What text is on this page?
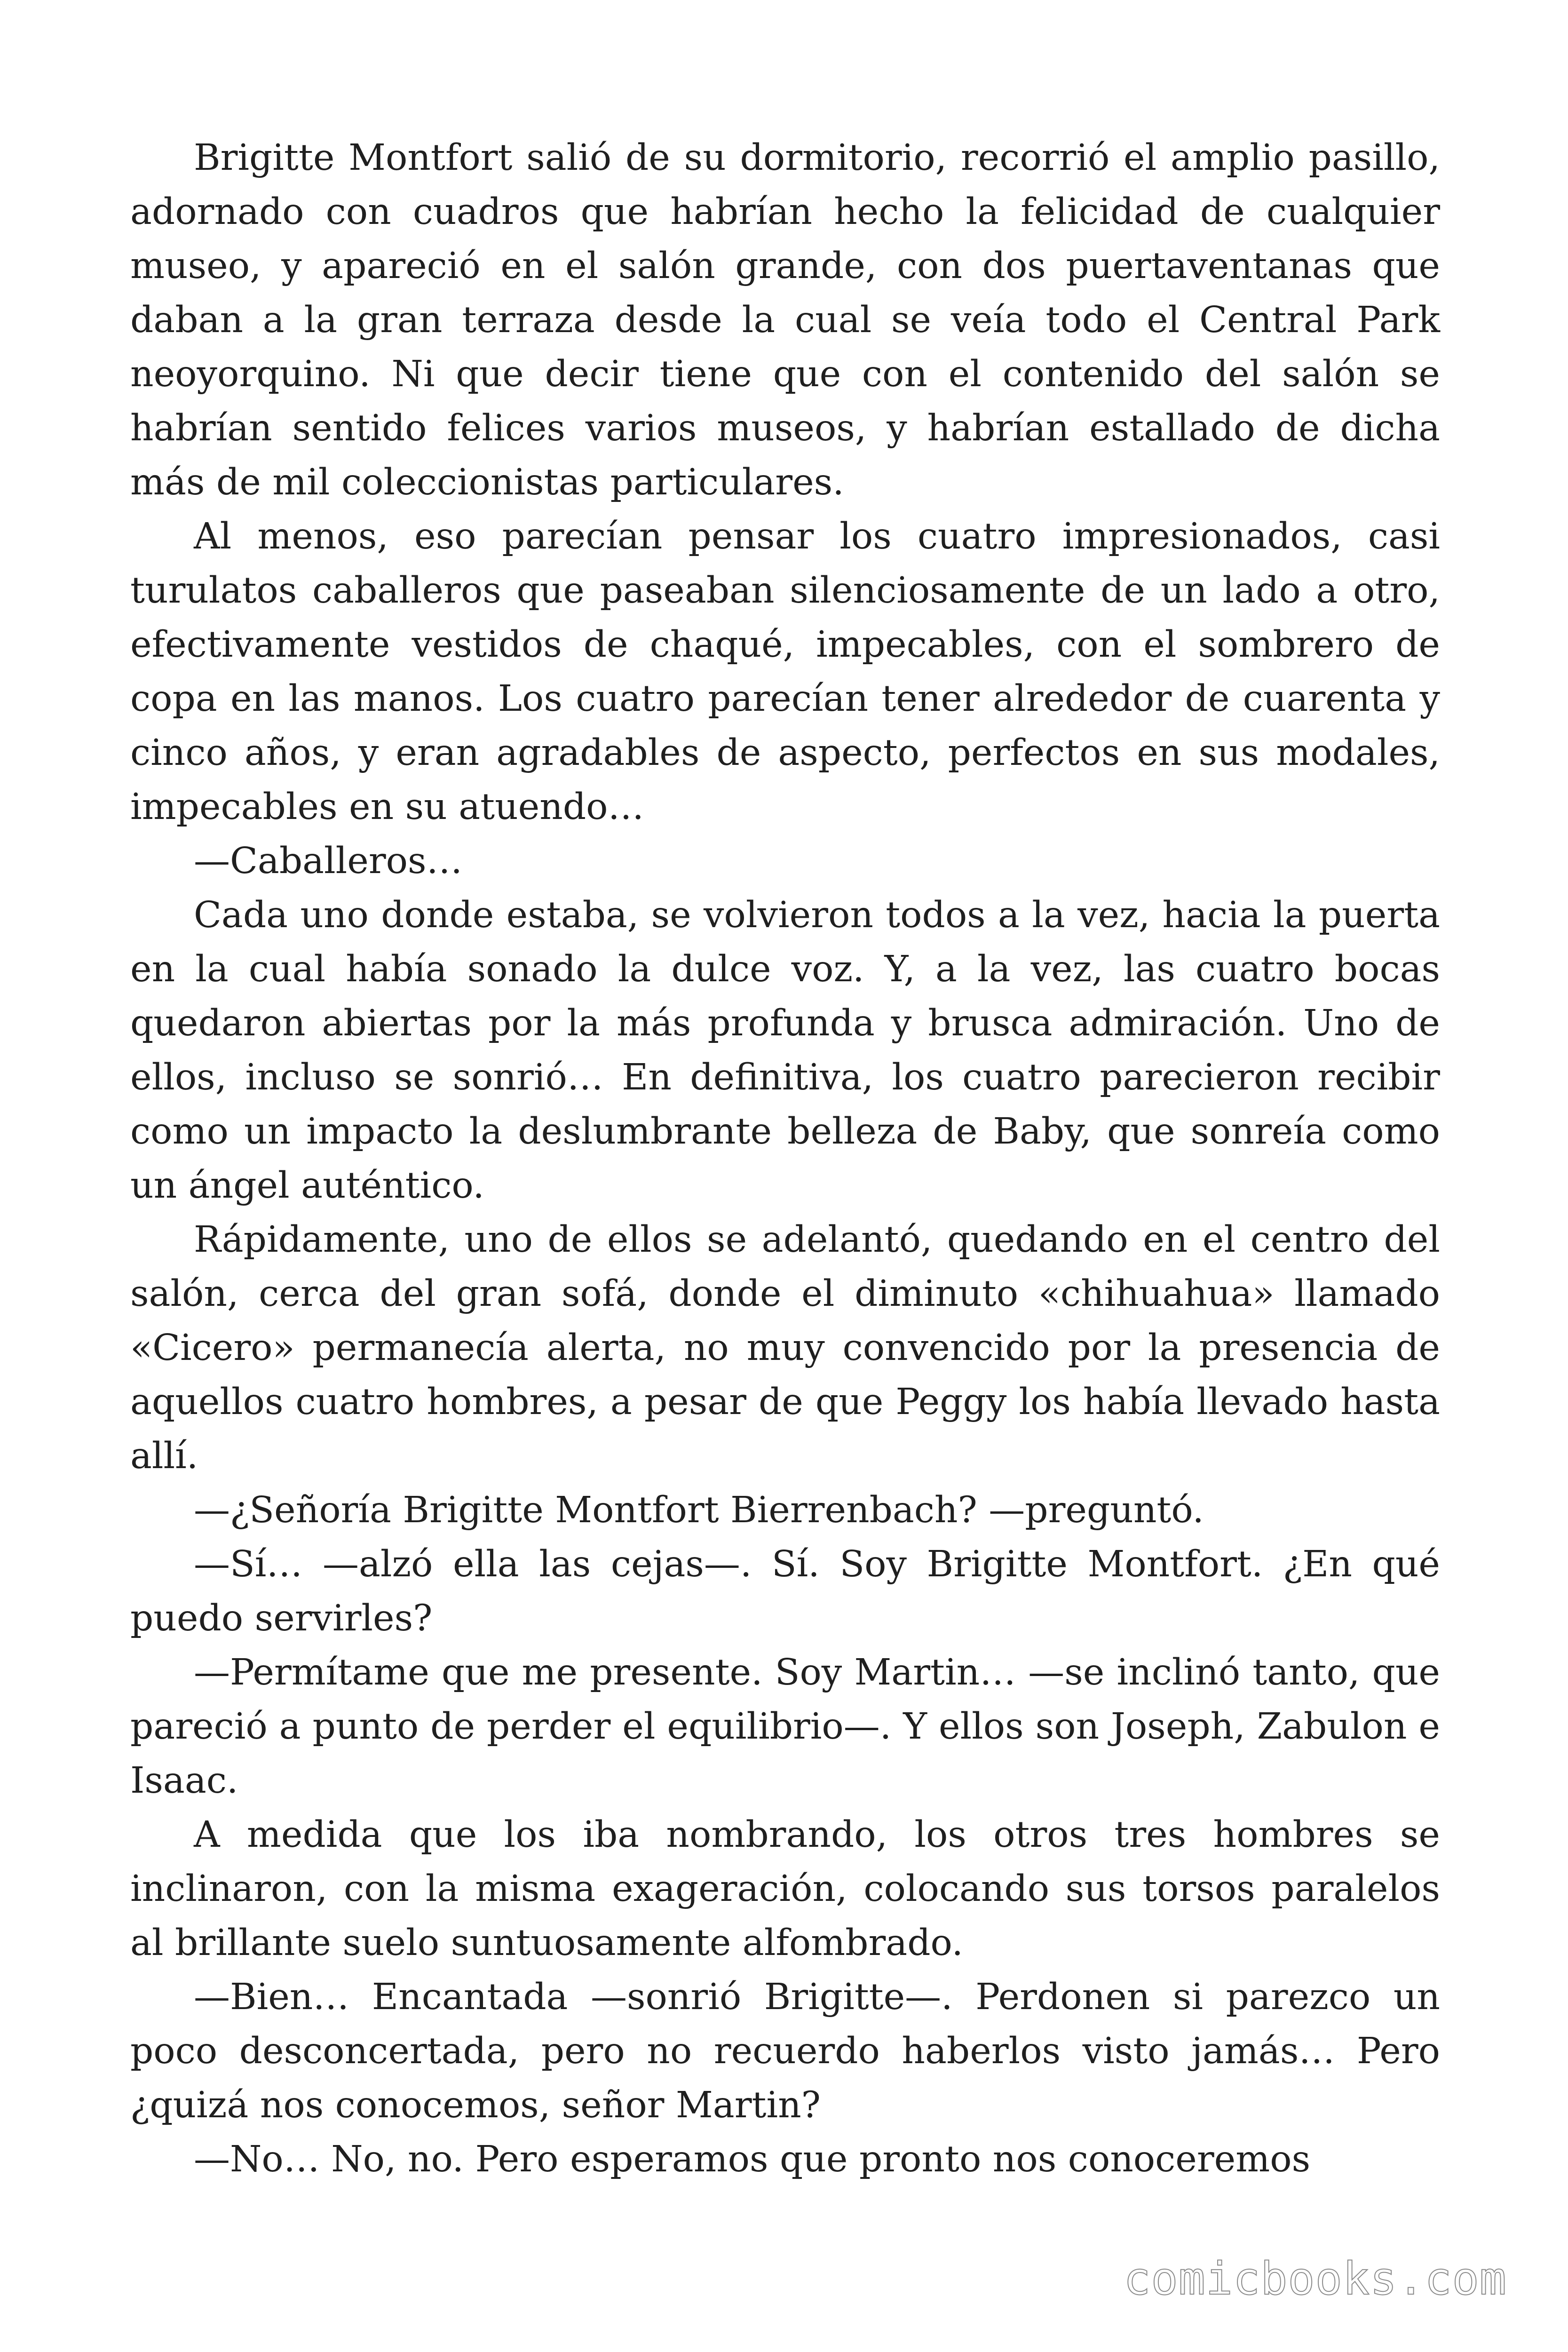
Brigitte Montfort salió de su dormitorio, recorrió el amplio pasillo, adornado con cuadros que habrían hecho la felicidad de cualquier museo, y apareció en el salón grande, con dos puertaventanas que daban a la gran terraza desde la cual se veía todo el Central Park neoyorquino. Ni que decir tiene que con el contenido del salón se habrían sentido felices varios museos, y habrían estallado de dicha más de mil coleccionistas particulares.

Al menos, eso parecían pensar los cuatro impresionados, casi turulatos caballeros que paseaban silenciosamente de un lado a otro, efectivamente vestidos de chaqué, impecables, con el sombrero de copa en las manos. Los cuatro parecían tener alrededor de cuarenta y cinco años, y eran agradables de aspecto, perfectos en sus modales, impecables en su atuendo…

—Caballeros…

Cada uno donde estaba, se volvieron todos a la vez, hacia la puerta en la cual había sonado la dulce voz. Y, a la vez, las cuatro bocas quedaron abiertas por la más profunda y brusca admiración. Uno de ellos, incluso se sonrió… En definitiva, los cuatro parecieron recibir como un impacto la deslumbrante belleza de Baby, que sonreía como un ángel auténtico.

Rápidamente, uno de ellos se adelantó, quedando en el centro del salón, cerca del gran sofá, donde el diminuto «chihuahua» llamado «Cicero» permanecía alerta, no muy convencido por la presencia de aquellos cuatro hombres, a pesar de que Peggy los había llevado hasta allí.

—¿Señoría Brigitte Montfort Bierrenbach? —preguntó.

—Sí… —alzó ella las cejas—. Sí. Soy Brigitte Montfort. ¿En qué puedo servirles?

—Permítame que me presente. Soy Martin… —se inclinó tanto, que pareció a punto de perder el equilibrio—. Y ellos son Joseph, Zabulon e Isaac.

A medida que los iba nombrando, los otros tres hombres se inclinaron, con la misma exageración, colocando sus torsos paralelos al brillante suelo suntuosamente alfombrado.

—Bien… Encantada —sonrió Brigitte—. Perdonen si parezco un poco desconcertada, pero no recuerdo haberlos visto jamás… Pero ¿quizá nos conocemos, señor Martin?

—No… No, no. Pero esperamos que pronto nos conoceremos

comicbooks.com
